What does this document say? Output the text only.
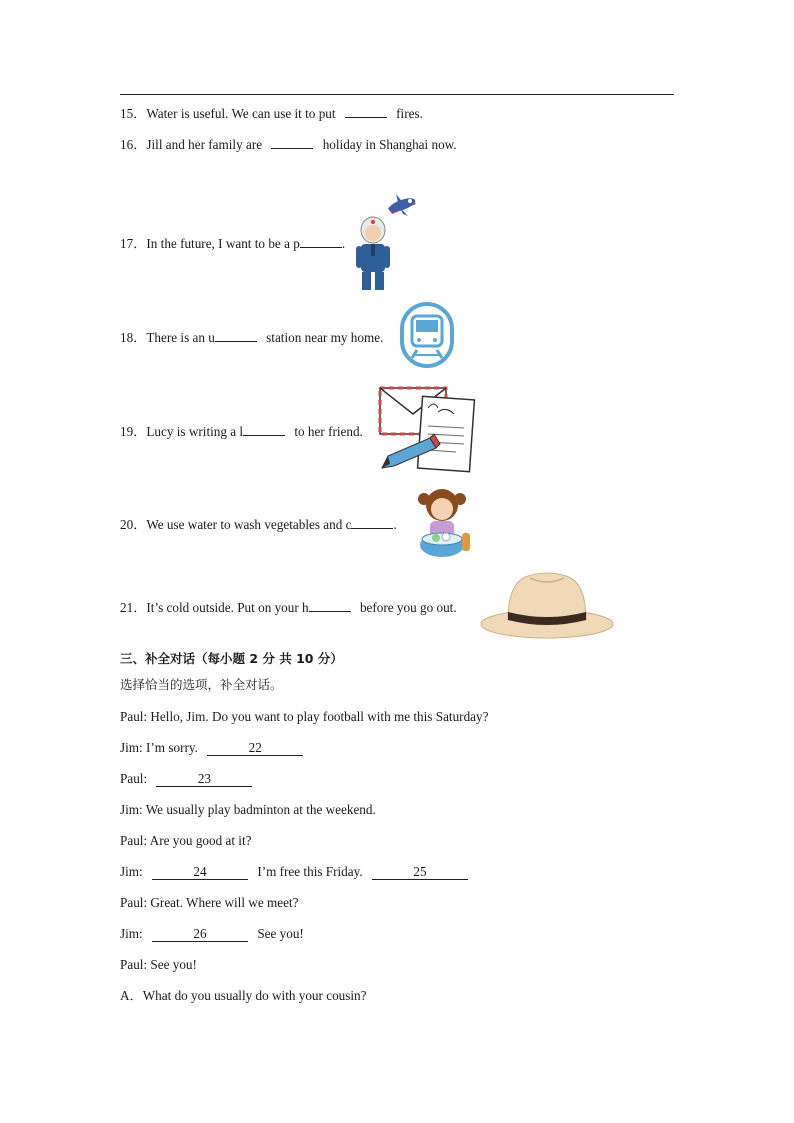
15．Water is useful. We can use it to put	fires.
16．Jill and her family are	holiday in Shanghai now.
17．In the future, I want to be a p	.
18．There is an u	station near my home.
19．Lucy is writing a l	to her friend.
20．We use water to wash vegetables and c	.
21．It’s cold outside. Put on your h	before you go out.
三、补全对话（每小题 2 分 共 10 分）
选择恰当的选项，补全对话。
Paul: Hello, Jim. Do you want to play football with me this Saturday?
Jim: I’m sorry.	22
Paul:	23
Jim: We usually play badminton at the weekend.
Paul: Are you good at it?
Jim:	24	I’m free this Friday.	25
Paul: Great. Where will we meet?
Jim:	26	See you!
Paul: See you!
A．What do you usually do with your cousin?
